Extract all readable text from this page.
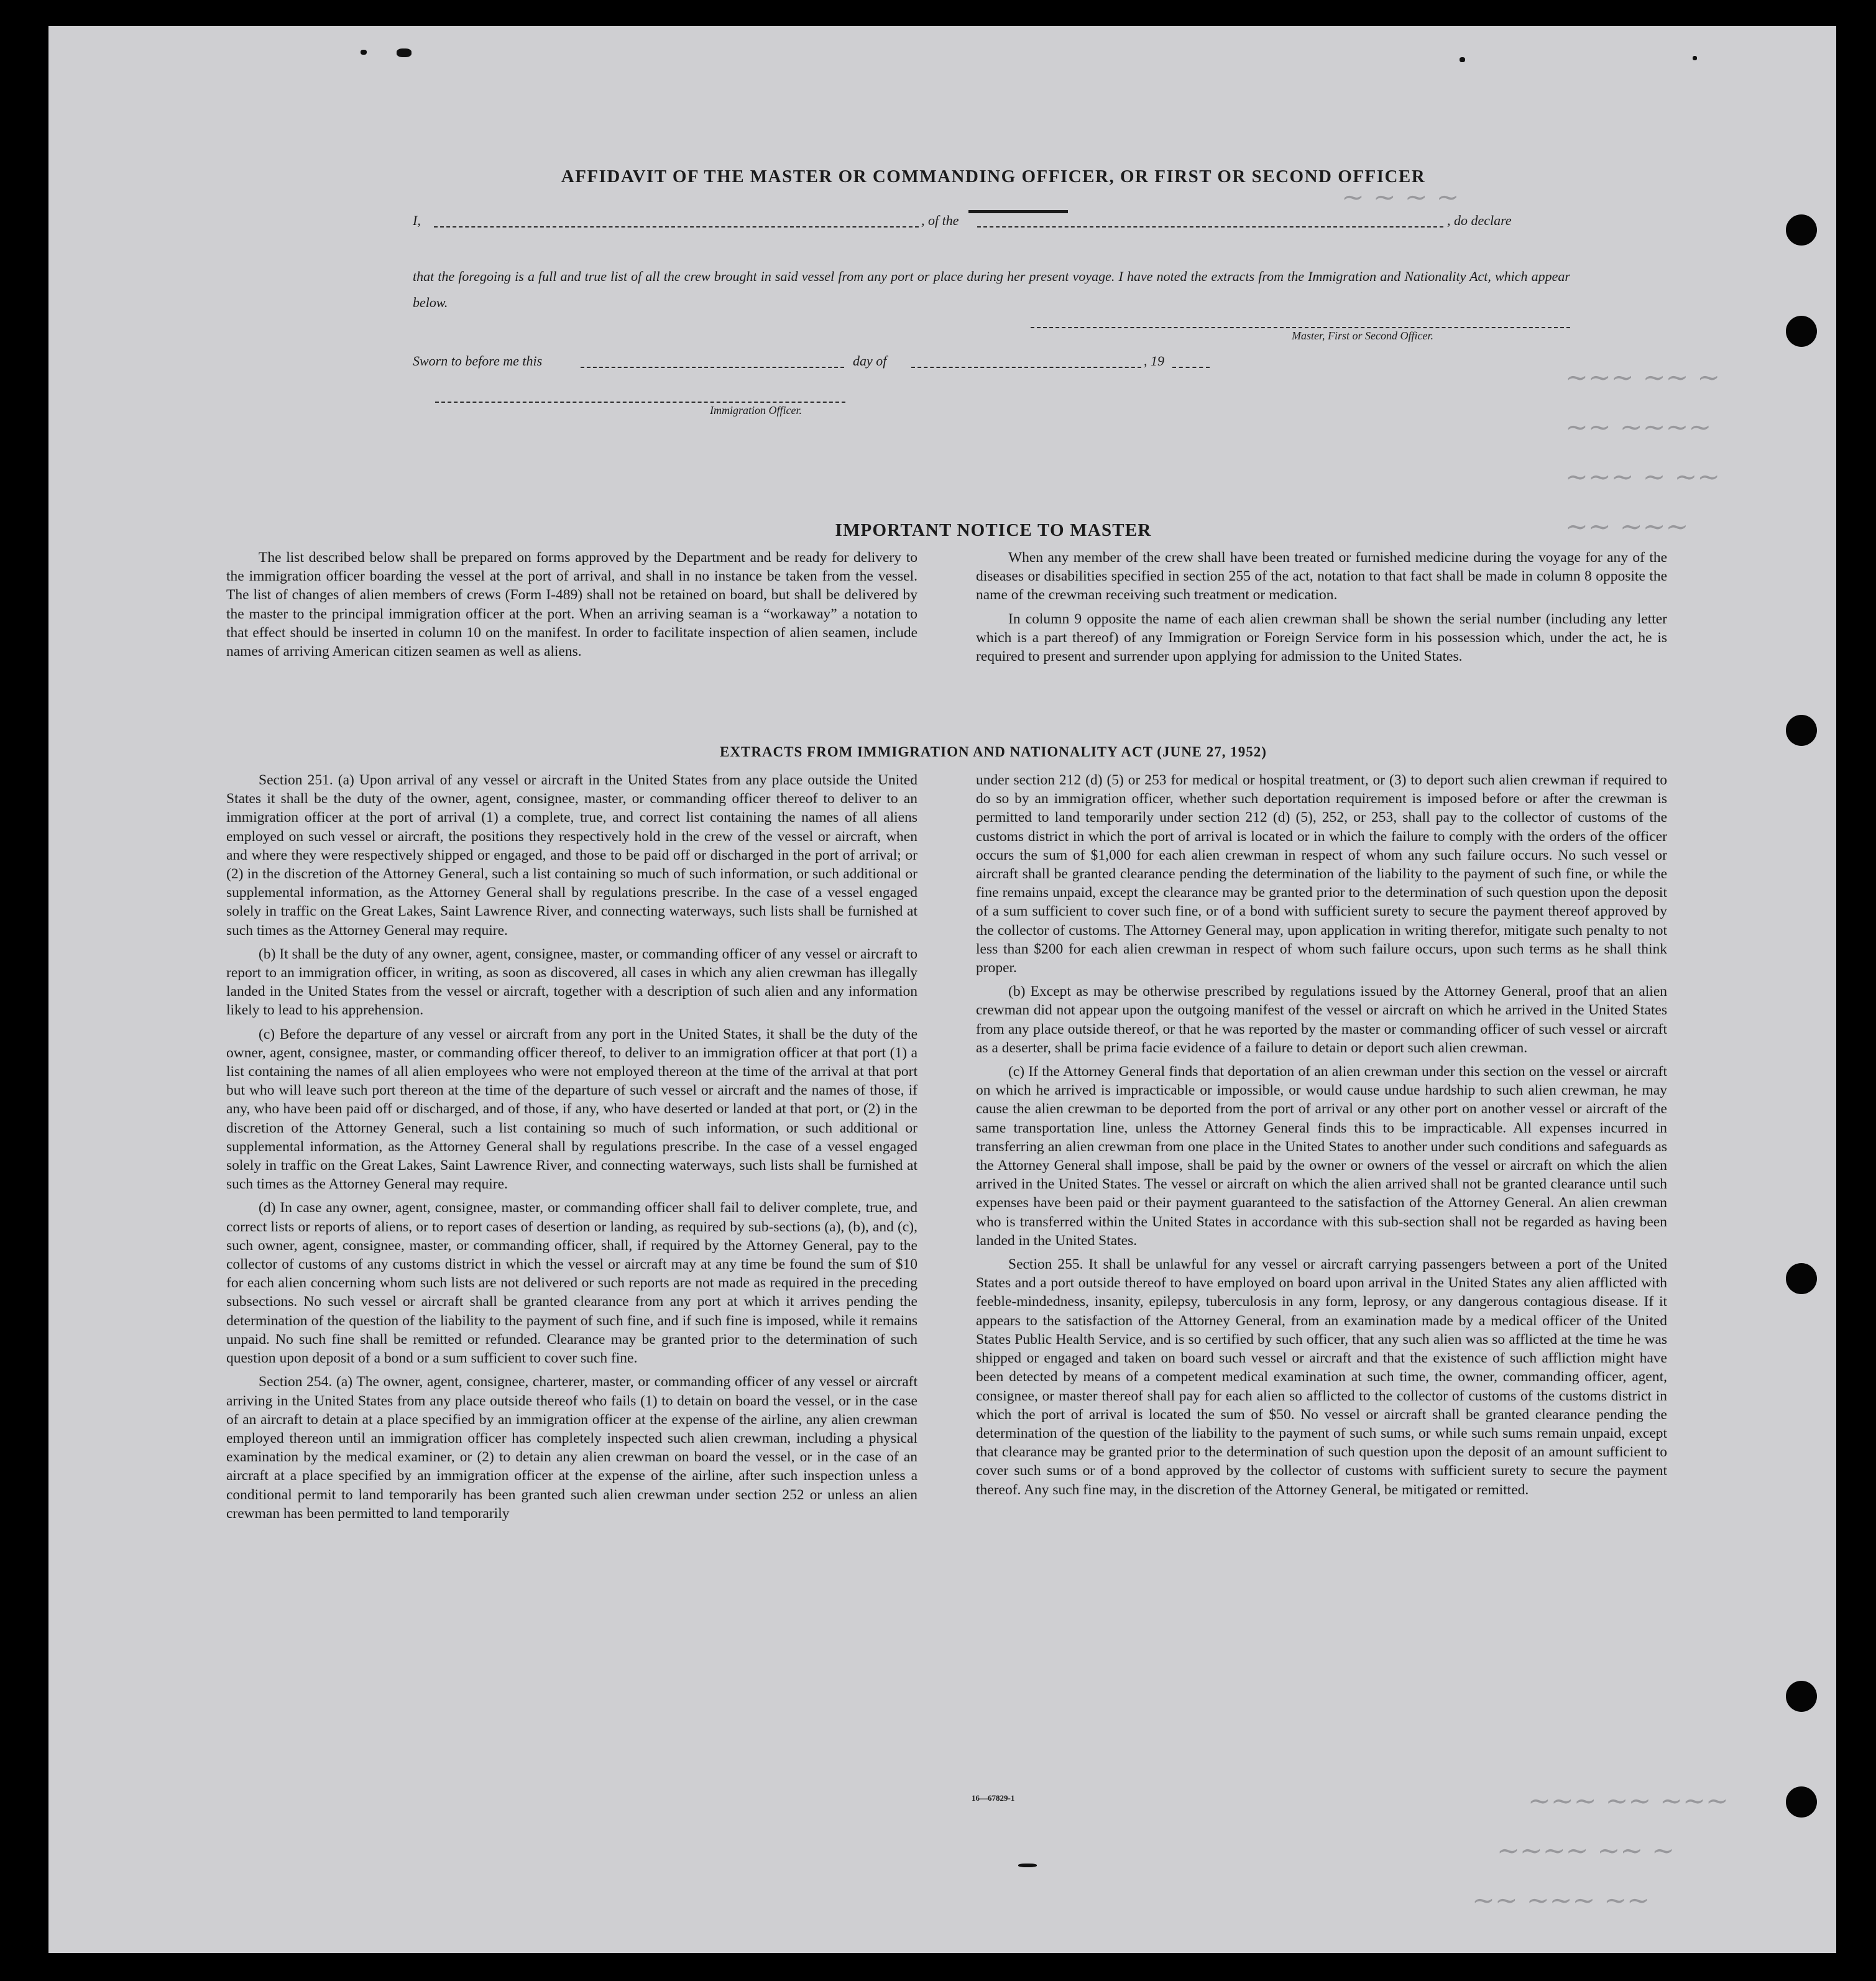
~ ~ ~ ~
~~~ ~~ ~
~~ ~~~~
~~~ ~ ~~
~~ ~~~
~~~ ~~ ~~~
~~~~ ~~ ~
~~ ~~~ ~~
AFFIDAVIT OF THE MASTER OR COMMANDING OFFICER, OR FIRST OR SECOND OFFICER
I,	, of the	, do declare
that the foregoing is a full and true list of all the crew brought in said vessel from any port or place during her present voyage. I have noted the extracts from the Immigration and Nationality Act, which appear below.
Master, First or Second Officer.
Sworn to before me this	day of	, 19
Immigration Officer.
IMPORTANT NOTICE TO MASTER

The list described below shall be prepared on forms approved by the Department and be ready for delivery to the immigration officer boarding the vessel at the port of arrival, and shall in no instance be taken from the vessel. The list of changes of alien members of crews (Form I-489) shall not be retained on board, but shall be delivered by the master to the principal immigration officer at the port. When an arriving seaman is a “workaway” a notation to that effect should be inserted in column 10 on the manifest. In order to facilitate inspection of alien seamen, include names of arriving American citizen seamen as well as aliens.

When any member of the crew shall have been treated or furnished medicine during the voyage for any of the diseases or disabilities specified in section 255 of the act, notation to that fact shall be made in column 8 opposite the name of the crewman receiving such treatment or medication.

In column 9 opposite the name of each alien crewman shall be shown the serial number (including any letter which is a part thereof) of any Immigration or Foreign Service form in his possession which, under the act, he is required to present and surrender upon applying for admission to the United States.

EXTRACTS FROM IMMIGRATION AND NATIONALITY ACT (JUNE 27, 1952)

Section 251. (a) Upon arrival of any vessel or aircraft in the United States from any place outside the United States it shall be the duty of the owner, agent, consignee, master, or commanding officer thereof to deliver to an immigration officer at the port of arrival (1) a complete, true, and correct list containing the names of all aliens employed on such vessel or aircraft, the positions they respectively hold in the crew of the vessel or aircraft, when and where they were respectively shipped or engaged, and those to be paid off or discharged in the port of arrival; or (2) in the discretion of the Attorney General, such a list containing so much of such information, or such additional or supplemental information, as the Attorney General shall by regulations prescribe. In the case of a vessel engaged solely in traffic on the Great Lakes, Saint Lawrence River, and connecting waterways, such lists shall be furnished at such times as the Attorney General may require.

(b) It shall be the duty of any owner, agent, consignee, master, or commanding officer of any vessel or aircraft to report to an immigration officer, in writing, as soon as discovered, all cases in which any alien crewman has illegally landed in the United States from the vessel or aircraft, together with a description of such alien and any information likely to lead to his apprehension.

(c) Before the departure of any vessel or aircraft from any port in the United States, it shall be the duty of the owner, agent, consignee, master, or commanding officer thereof, to deliver to an immigration officer at that port (1) a list containing the names of all alien employees who were not employed thereon at the time of the arrival at that port but who will leave such port thereon at the time of the departure of such vessel or aircraft and the names of those, if any, who have been paid off or discharged, and of those, if any, who have deserted or landed at that port, or (2) in the discretion of the Attorney General, such a list containing so much of such information, or such additional or supplemental information, as the Attorney General shall by regulations prescribe. In the case of a vessel engaged solely in traffic on the Great Lakes, Saint Lawrence River, and connecting waterways, such lists shall be furnished at such times as the Attorney General may require.

(d) In case any owner, agent, consignee, master, or commanding officer shall fail to deliver complete, true, and correct lists or reports of aliens, or to report cases of desertion or landing, as required by sub-sections (a), (b), and (c), such owner, agent, consignee, master, or commanding officer, shall, if required by the Attorney General, pay to the collector of customs of any customs district in which the vessel or aircraft may at any time be found the sum of $10 for each alien concerning whom such lists are not delivered or such reports are not made as required in the preceding subsections. No such vessel or aircraft shall be granted clearance from any port at which it arrives pending the determination of the question of the liability to the payment of such fine, and if such fine is imposed, while it remains unpaid. No such fine shall be remitted or refunded. Clearance may be granted prior to the determination of such question upon deposit of a bond or a sum sufficient to cover such fine.

Section 254. (a) The owner, agent, consignee, charterer, master, or commanding officer of any vessel or aircraft arriving in the United States from any place outside thereof who fails (1) to detain on board the vessel, or in the case of an aircraft to detain at a place specified by an immigration officer at the expense of the airline, any alien crewman employed thereon until an immigration officer has completely inspected such alien crewman, including a physical examination by the medical examiner, or (2) to detain any alien crewman on board the vessel, or in the case of an aircraft at a place specified by an immigration officer at the expense of the airline, after such inspection unless a conditional permit to land temporarily has been granted such alien crewman under section 252 or unless an alien crewman has been permitted to land temporarily

under section 212 (d) (5) or 253 for medical or hospital treatment, or (3) to deport such alien crewman if required to do so by an immigration officer, whether such deportation requirement is imposed before or after the crewman is permitted to land temporarily under section 212 (d) (5), 252, or 253, shall pay to the collector of customs of the customs district in which the port of arrival is located or in which the failure to comply with the orders of the officer occurs the sum of $1,000 for each alien crewman in respect of whom any such failure occurs. No such vessel or aircraft shall be granted clearance pending the determination of the liability to the payment of such fine, or while the fine remains unpaid, except the clearance may be granted prior to the determination of such question upon the deposit of a sum sufficient to cover such fine, or of a bond with sufficient surety to secure the payment thereof approved by the collector of customs. The Attorney General may, upon application in writing therefor, mitigate such penalty to not less than $200 for each alien crewman in respect of whom such failure occurs, upon such terms as he shall think proper.

(b) Except as may be otherwise prescribed by regulations issued by the Attorney General, proof that an alien crewman did not appear upon the outgoing manifest of the vessel or aircraft on which he arrived in the United States from any place outside thereof, or that he was reported by the master or commanding officer of such vessel or aircraft as a deserter, shall be prima facie evidence of a failure to detain or deport such alien crewman.

(c) If the Attorney General finds that deportation of an alien crewman under this section on the vessel or aircraft on which he arrived is impracticable or impossible, or would cause undue hardship to such alien crewman, he may cause the alien crewman to be deported from the port of arrival or any other port on another vessel or aircraft of the same transportation line, unless the Attorney General finds this to be impracticable. All expenses incurred in transferring an alien crewman from one place in the United States to another under such conditions and safeguards as the Attorney General shall impose, shall be paid by the owner or owners of the vessel or aircraft on which the alien arrived in the United States. The vessel or aircraft on which the alien arrived shall not be granted clearance until such expenses have been paid or their payment guaranteed to the satisfaction of the Attorney General. An alien crewman who is transferred within the United States in accordance with this sub-section shall not be regarded as having been landed in the United States.

Section 255. It shall be unlawful for any vessel or aircraft carrying passengers between a port of the United States and a port outside thereof to have employed on board upon arrival in the United States any alien afflicted with feeble-mindedness, insanity, epilepsy, tuberculosis in any form, leprosy, or any dangerous contagious disease. If it appears to the satisfaction of the Attorney General, from an examination made by a medical officer of the United States Public Health Service, and is so certified by such officer, that any such alien was so afflicted at the time he was shipped or engaged and taken on board such vessel or aircraft and that the existence of such affliction might have been detected by means of a competent medical examination at such time, the owner, commanding officer, agent, consignee, or master thereof shall pay for each alien so afflicted to the collector of customs of the customs district in which the port of arrival is located the sum of $50. No vessel or aircraft shall be granted clearance pending the determination of the question of the liability to the payment of such sums, or while such sums remain unpaid, except that clearance may be granted prior to the determination of such question upon the deposit of an amount sufficient to cover such sums or of a bond approved by the collector of customs with sufficient surety to secure the payment thereof. Any such fine may, in the discretion of the Attorney General, be mitigated or remitted.

16—67829-1
